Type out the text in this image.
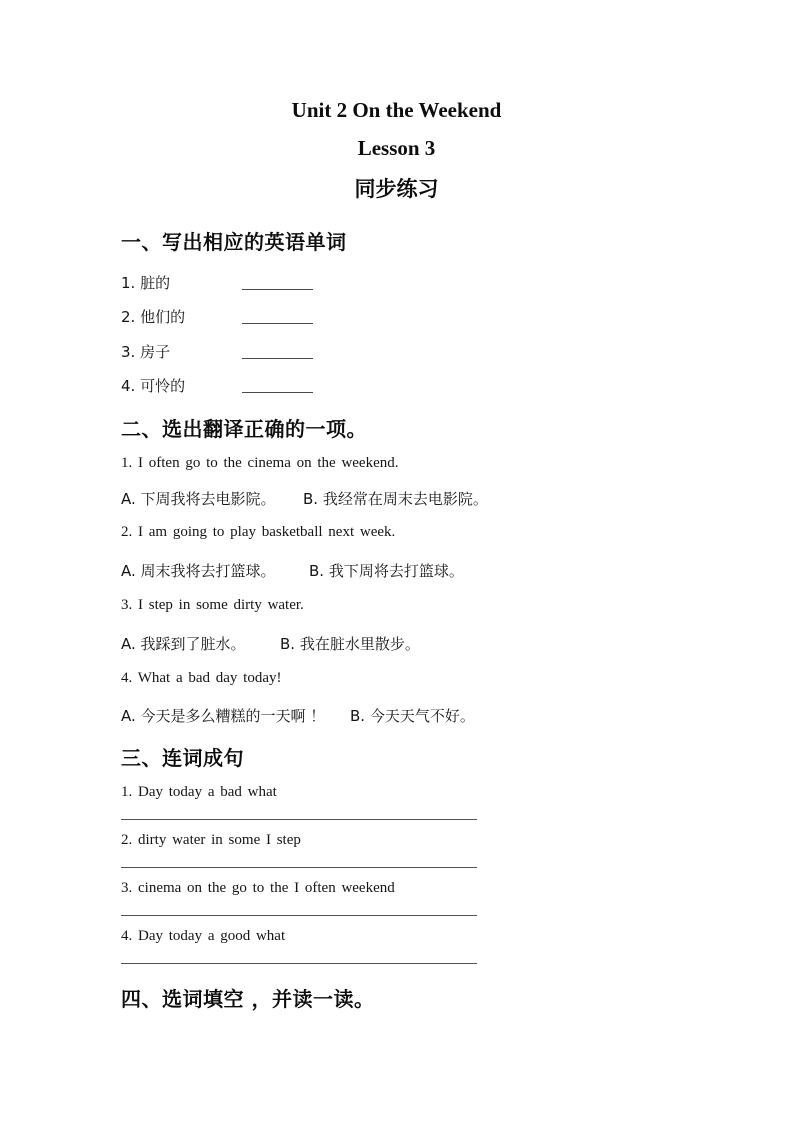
Unit 2 On the Weekend
Lesson 3
同步练习
一、写出相应的英语单词
1. 脏的
2. 他们的
3. 房子
4. 可怜的
二、选出翻译正确的一项。
1. I often go to the cinema on the weekend.
A. 下周我将去电影院。 B. 我经常在周末去电影院。
2. I am going to play basketball next week.
A. 周末我将去打篮球。 B. 我下周将去打篮球。
3. I step in some dirty water.
A. 我踩到了脏水。 B. 我在脏水里散步。
4. What a bad day today!
A. 今天是多么糟糕的一天啊 ！ B. 今天天气不好。
三、连词成句
1. Day today a bad what
2. dirty water in some I step
3. cinema on the go to the I often weekend
4. Day today a good what
四、选词填空 ，并读一读。
